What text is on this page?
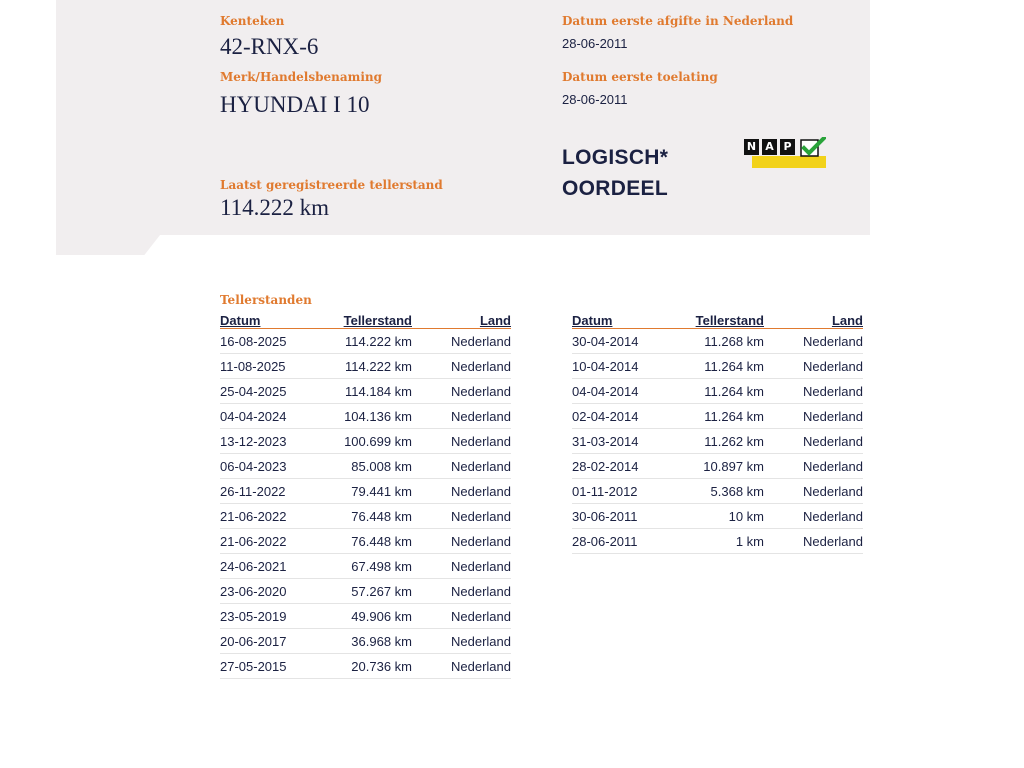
Kenteken
42-RNX-6
Merk/Handelsbenaming
HYUNDAI I 10
Laatst geregistreerde tellerstand
114.222 km
Datum eerste afgifte in Nederland
28-06-2011
Datum eerste toelating
28-06-2011
LOGISCH*
OORDEEL
N A P
Tellerstanden
Datum	Tellerstand	Land
16-08-2025	114.222 km	Nederland
11-08-2025	114.222 km	Nederland
25-04-2025	114.184 km	Nederland
04-04-2024	104.136 km	Nederland
13-12-2023	100.699 km	Nederland
06-04-2023	85.008 km	Nederland
26-11-2022	79.441 km	Nederland
21-06-2022	76.448 km	Nederland
21-06-2022	76.448 km	Nederland
24-06-2021	67.498 km	Nederland
23-06-2020	57.267 km	Nederland
23-05-2019	49.906 km	Nederland
20-06-2017	36.968 km	Nederland
27-05-2015	20.736 km	Nederland
Datum	Tellerstand	Land
30-04-2014	11.268 km	Nederland
10-04-2014	11.264 km	Nederland
04-04-2014	11.264 km	Nederland
02-04-2014	11.264 km	Nederland
31-03-2014	11.262 km	Nederland
28-02-2014	10.897 km	Nederland
01-11-2012	5.368 km	Nederland
30-06-2011	10 km	Nederland
28-06-2011	1 km	Nederland
